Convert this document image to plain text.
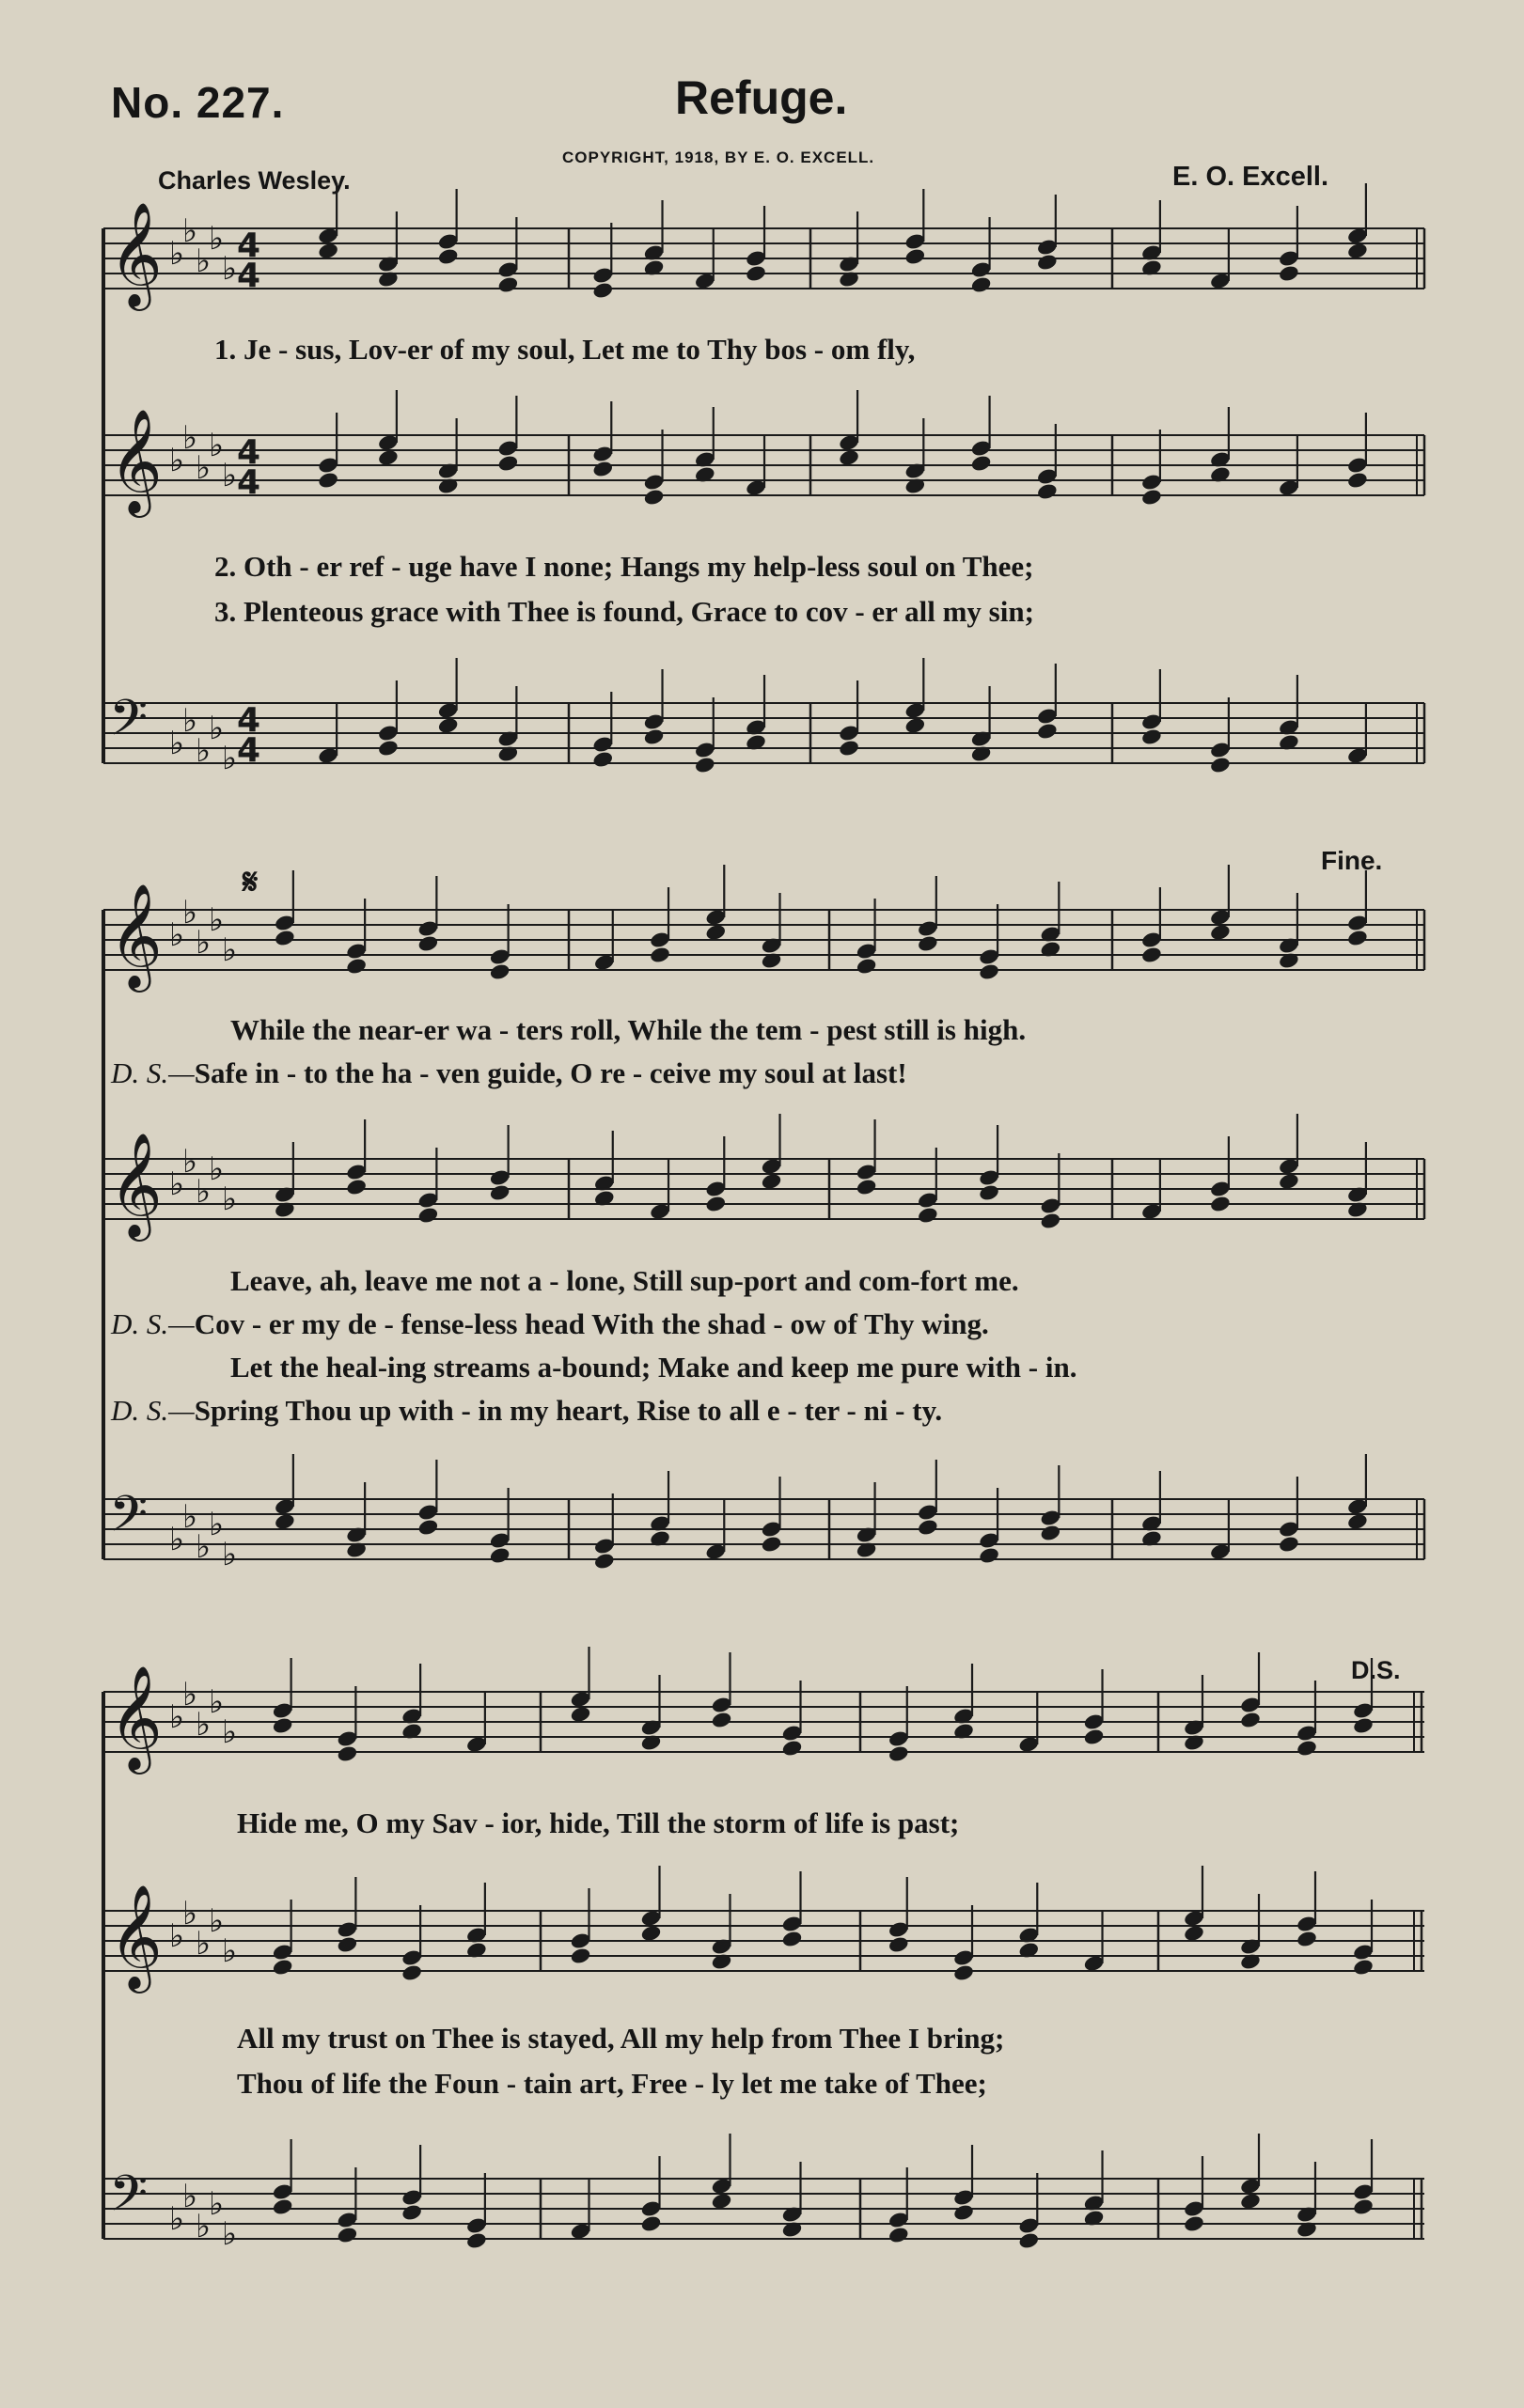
No. 227.	Refuge.
COPYRIGHT, 1918, BY E. O. EXCELL.
Charles Wesley.	E. O. Excell.
𝄞 ♭
♭
♭
♭
♭
4
4
𝄞 ♭
♭
♭
♭
♭
4
4
𝄢 ♭
♭
♭
♭
♭
4
4
𝄞 ♭
♭
♭
♭
♭
𝄞 ♭
♭
♭
♭
♭
𝄢 ♭
♭
♭
♭
♭
𝄞 ♭
♭
♭
♭
♭
𝄞 ♭
♭
♭
♭
♭
𝄢 ♭
♭
♭
♭
♭
1. Je - sus, Lov-er of my soul, Let me to Thy bos - om fly,
2. Oth - er ref - uge have I none; Hangs my help-less soul on Thee;
3. Plenteous grace with Thee is found, Grace to cov - er all my sin;
𝄋
Fine.
While the near-er wa - ters roll, While the tem - pest still is high.
D. S.—Safe in - to the ha - ven guide, O re - ceive my soul at last!
Leave, ah, leave me not a - lone, Still sup-port and com-fort me.
D. S.—Cov - er my de - fense-less head With the shad - ow of Thy wing.
Let the heal-ing streams a-bound; Make and keep me pure with - in.
D. S.—Spring Thou up with - in my heart, Rise to all e - ter - ni - ty.
D.S.
Hide me, O my Sav - ior, hide, Till the storm of life is past;
All my trust on Thee is stayed, All my help from Thee I bring;
Thou of life the Foun - tain art, Free - ly let me take of Thee;
